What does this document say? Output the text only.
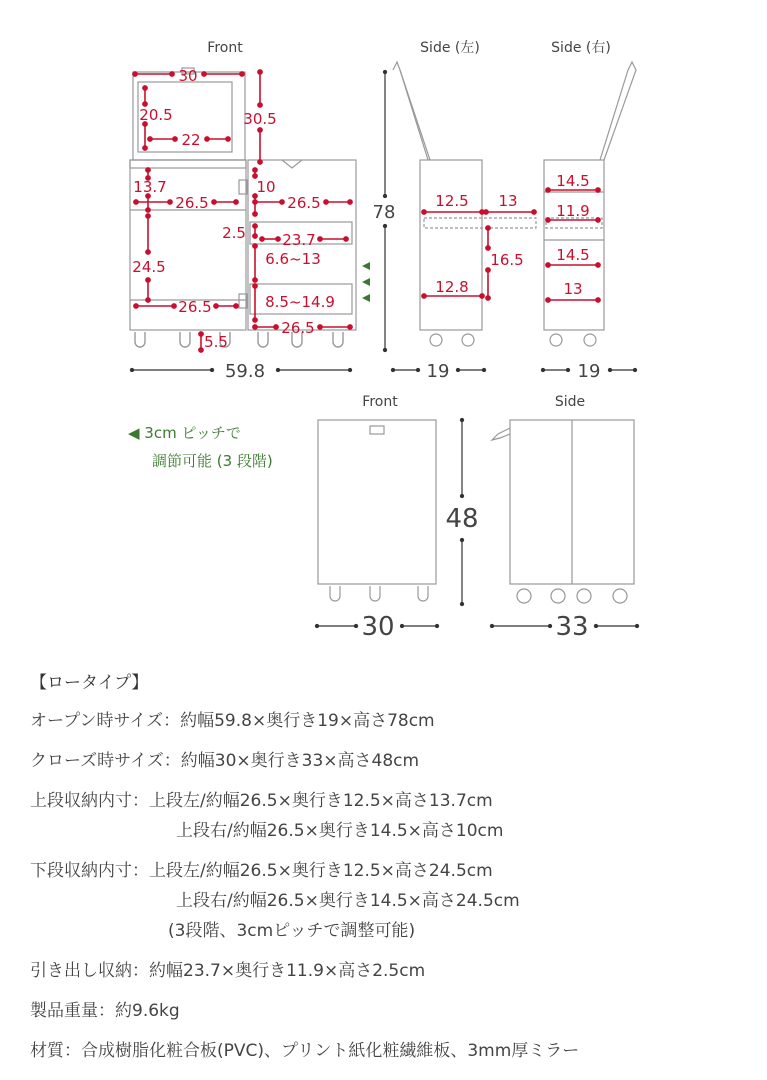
Front	Side (左)	Side (右)
Front	Side
30
20.5
22
30.5
13.7
26.5
10
26.5
2.5 23.7
6.6~13
24.5
26.5	8.5~14.9
26.5
5.5
59.8
78
12.5 13
16.5
12.8
19
14.5
11.9
14.5
13
19
◀ 3cm ピッチで
調節可能 (3 段階)
48
30	33
【ロータイプ】
オープン時サイズ：約幅59.8×奥行き19×高さ78cm
クローズ時サイズ：約幅30×奥行き33×高さ48cm
上段収納内寸：上段左/約幅26.5×奥行き12.5×高さ13.7cm
上段右/約幅26.5×奥行き14.5×高さ10cm
下段収納内寸：上段左/約幅26.5×奥行き12.5×高さ24.5cm
上段右/約幅26.5×奥行き14.5×高さ24.5cm
(3段階、3cmピッチで調整可能)
引き出し収納：約幅23.7×奥行き11.9×高さ2.5cm
製品重量：約9.6kg
材質：合成樹脂化粧合板(PVC)、プリント紙化粧繊維板、3mm厚ミラー
